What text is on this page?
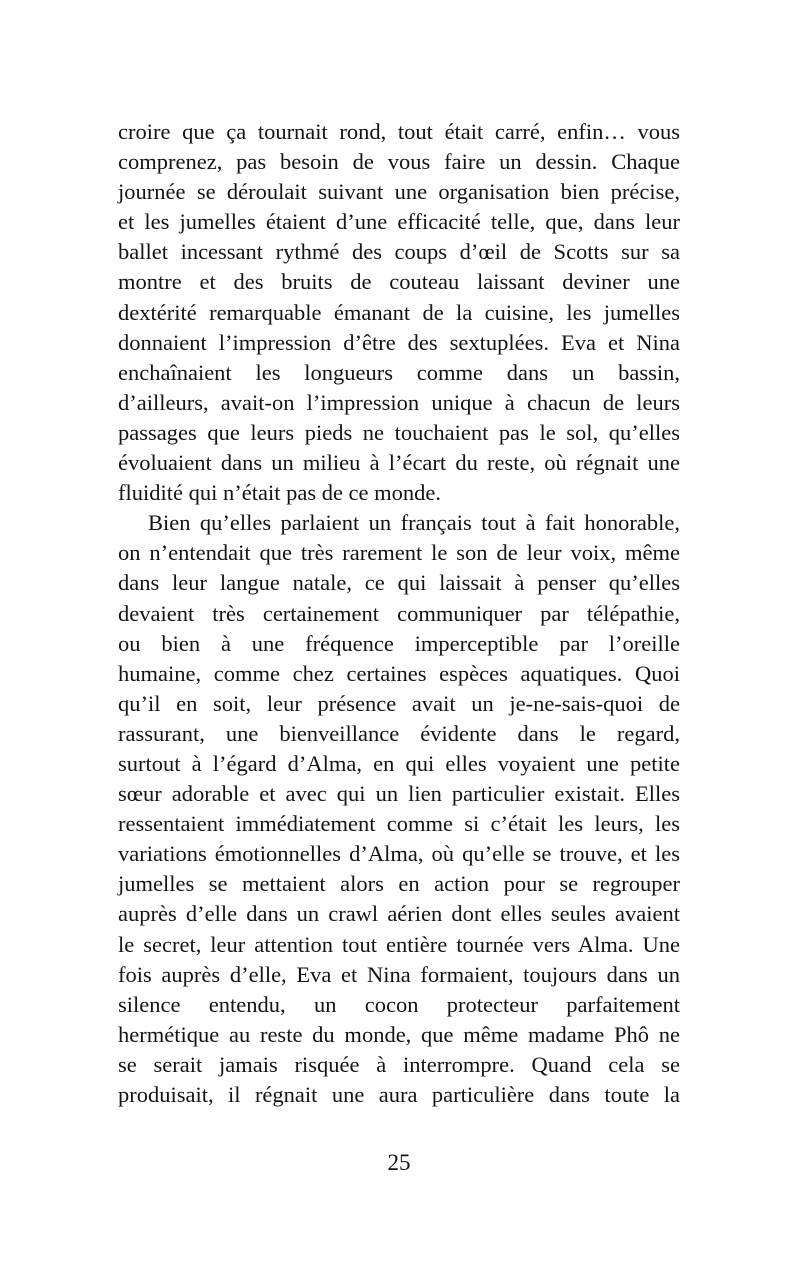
croire que ça tournait rond, tout était carré, enfin… vous
comprenez, pas besoin de vous faire un dessin. Chaque
journée se déroulait suivant une organisation bien précise,
et les jumelles étaient d’une efficacité telle, que, dans leur
ballet incessant rythmé des coups d’œil de Scotts sur sa
montre et des bruits de couteau laissant deviner une
dextérité remarquable émanant de la cuisine, les jumelles
donnaient l’impression d’être des sextuplées. Eva et Nina
enchaînaient les longueurs comme dans un bassin,
d’ailleurs, avait-on l’impression unique à chacun de leurs
passages que leurs pieds ne touchaient pas le sol, qu’elles
évoluaient dans un milieu à l’écart du reste, où régnait une
fluidité qui n’était pas de ce monde.
Bien qu’elles parlaient un français tout à fait honorable,
on n’entendait que très rarement le son de leur voix, même
dans leur langue natale, ce qui laissait à penser qu’elles
devaient très certainement communiquer par télépathie,
ou bien à une fréquence imperceptible par l’oreille
humaine, comme chez certaines espèces aquatiques. Quoi
qu’il en soit, leur présence avait un je-ne-sais-quoi de
rassurant, une bienveillance évidente dans le regard,
surtout à l’égard d’Alma, en qui elles voyaient une petite
sœur adorable et avec qui un lien particulier existait. Elles
ressentaient immédiatement comme si c’était les leurs, les
variations émotionnelles d’Alma, où qu’elle se trouve, et les
jumelles se mettaient alors en action pour se regrouper
auprès d’elle dans un crawl aérien dont elles seules avaient
le secret, leur attention tout entière tournée vers Alma. Une
fois auprès d’elle, Eva et Nina formaient, toujours dans un
silence entendu, un cocon protecteur parfaitement
hermétique au reste du monde, que même madame Phô ne
se serait jamais risquée à interrompre. Quand cela se
produisait, il régnait une aura particulière dans toute la
25
